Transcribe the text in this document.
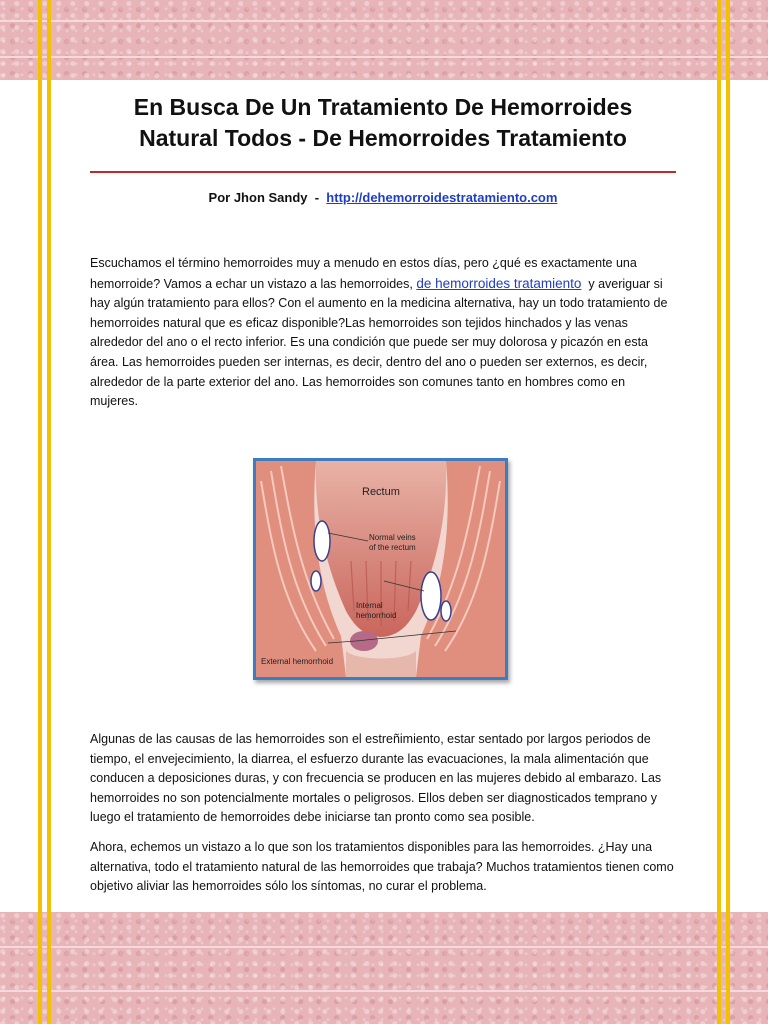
En Busca De Un Tratamiento De Hemorroides
Natural Todos - De Hemorroides Tratamiento
Por Jhon Sandy  -  http://dehemorroidestratamiento.com

Escuchamos el término hemorroides muy a menudo en estos días, pero ¿qué es exactamente una hemorroide? Vamos a echar un vistazo a las hemorroides, de hemorroides tratamiento  y averiguar si hay algún tratamiento para ellos? Con el aumento en la medicina alternativa, hay un todo tratamiento de hemorroides natural que es eficaz disponible?Las hemorroides son tejidos hinchados y las venas alrededor del ano o el recto inferior. Es una condición que puede ser muy dolorosa y picazón en esta área. Las hemorroides pueden ser internas, es decir, dentro del ano o pueden ser externos, es decir, alrededor de la parte exterior del ano. Las hemorroides son comunes tanto en hombres como en mujeres.

Rectum
Normal veins
of the rectum
Internal
hemorrhoid
External hemorrhoid

Algunas de las causas de las hemorroides son el estreñimiento, estar sentado por largos periodos de tiempo, el envejecimiento, la diarrea, el esfuerzo durante las evacuaciones, la mala alimentación que conducen a deposiciones duras, y con frecuencia se producen en las mujeres debido al embarazo. Las hemorroides no son potencialmente mortales o peligrosos. Ellos deben ser diagnosticados temprano y luego el tratamiento de hemorroides debe iniciarse tan pronto como sea posible.

Ahora, echemos un vistazo a lo que son los tratamientos disponibles para las hemorroides. ¿Hay una alternativa, todo el tratamiento natural de las hemorroides que trabaja? Muchos tratamientos tienen como objetivo aliviar las hemorroides sólo los síntomas, no curar el problema.
